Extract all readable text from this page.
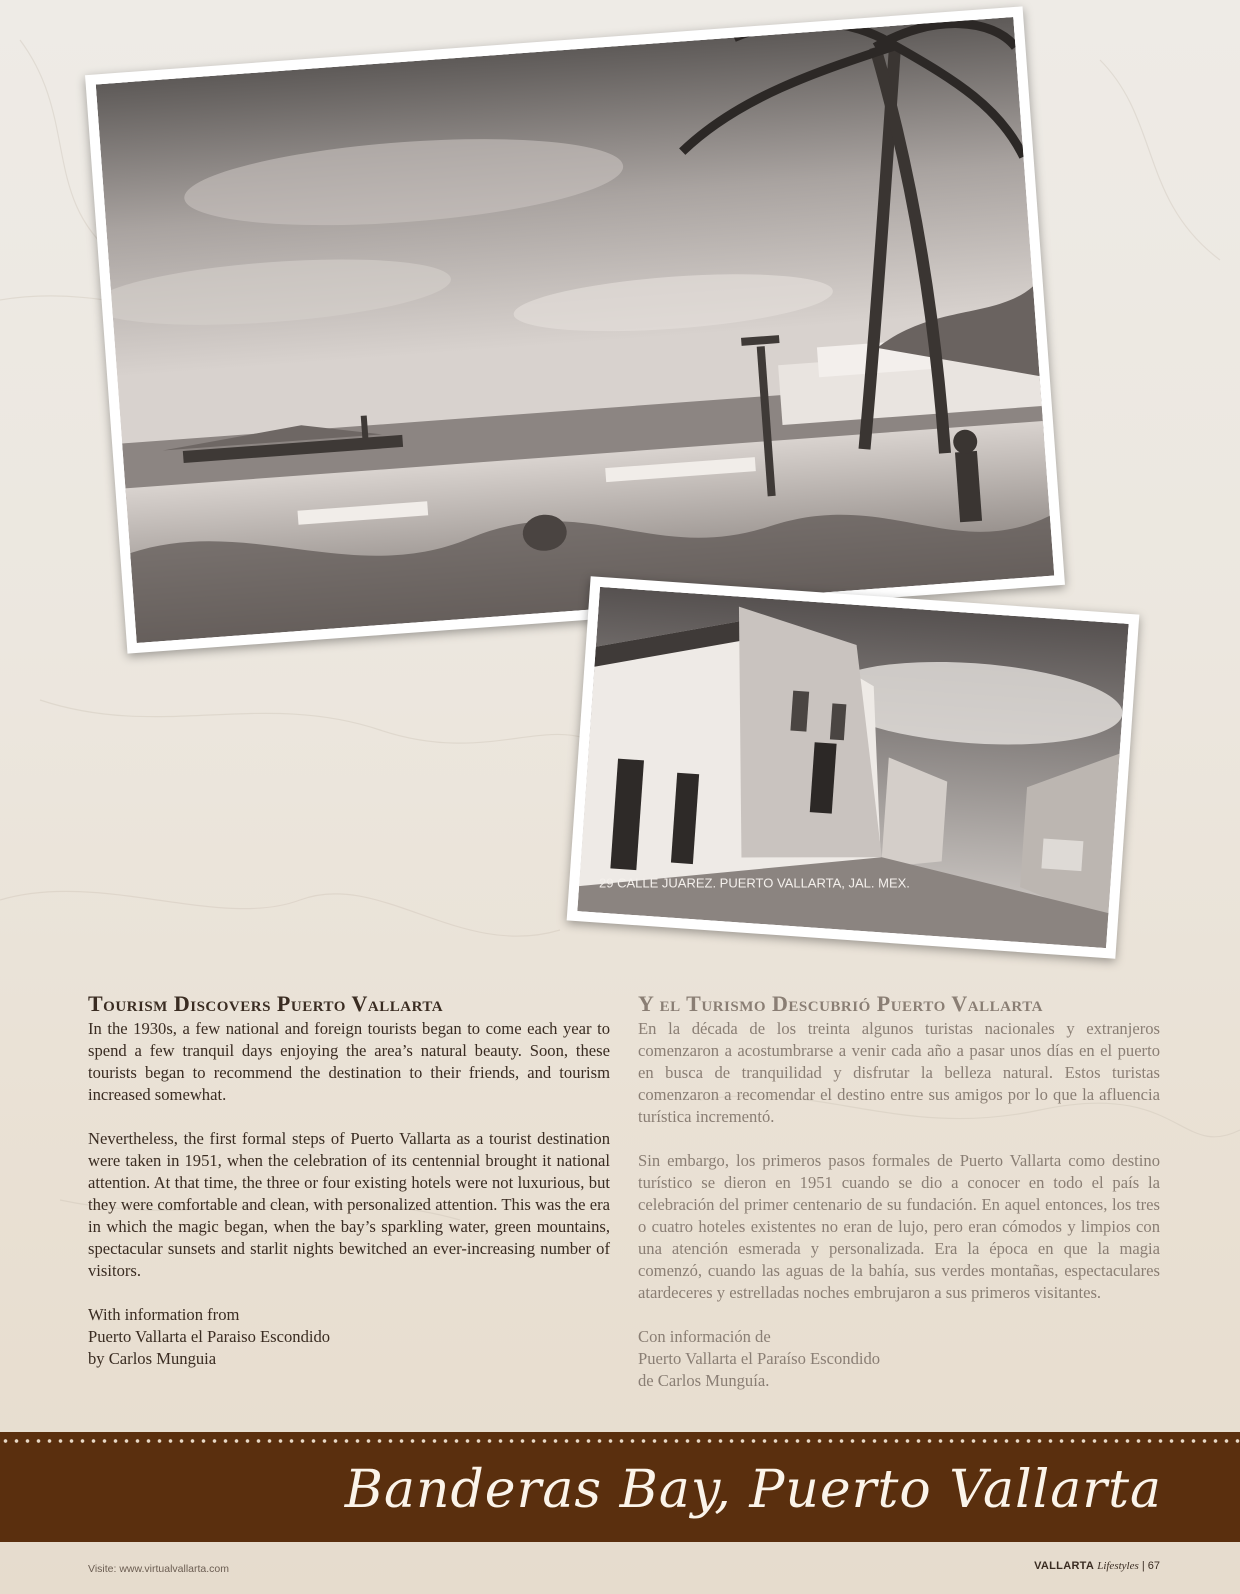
29 CALLE JUAREZ. PUERTO VALLARTA, JAL. MEX.
Tourism Discovers Puerto Vallarta

In the 1930s, a few national and foreign tourists began to come each year to spend a few tranquil days enjoying the area’s natural beauty. Soon, these tourists began to recommend the destination to their friends, and tourism increased somewhat.

Nevertheless, the first formal steps of Puerto Vallarta as a tourist destination were taken in 1951, when the celebration of its centennial brought it national attention. At that time, the three or four existing hotels were not luxurious, but they were comfortable and clean, with personalized attention. This was the era in which the magic began, when the bay’s sparkling water, green mountains, spectacular sunsets and starlit nights bewitched an ever-increasing number of visitors.

With information from

Puerto Vallarta el Paraiso Escondido

by Carlos Munguia

Y el Turismo Descubrió Puerto Vallarta

En la década de los treinta algunos turistas nacionales y extranjeros comenzaron a acostumbrarse a venir cada año a pasar unos días en el puerto en busca de tranquilidad y disfrutar la belleza natural. Estos turistas comenzaron a recomendar el destino entre sus amigos por lo que la afluencia turística incrementó.

Sin embargo, los primeros pasos formales de Puerto Vallarta como destino turístico se dieron en 1951 cuando se dio a conocer en todo el país la celebración del primer centenario de su fundación. En aquel entonces, los tres o cuatro hoteles existentes no eran de lujo, pero eran cómodos y limpios con una atención esmerada y personalizada. Era la época en que la magia comenzó, cuando las aguas de la bahía, sus verdes montañas, espectaculares atardeceres y estrelladas noches embrujaron a sus primeros visitantes.

Con información de

Puerto Vallarta el Paraíso Escondido

de Carlos Munguía.

Banderas Bay, Puerto Vallarta
Visite: www.virtualvallarta.com	VALLARTA Lifestyles | 67
